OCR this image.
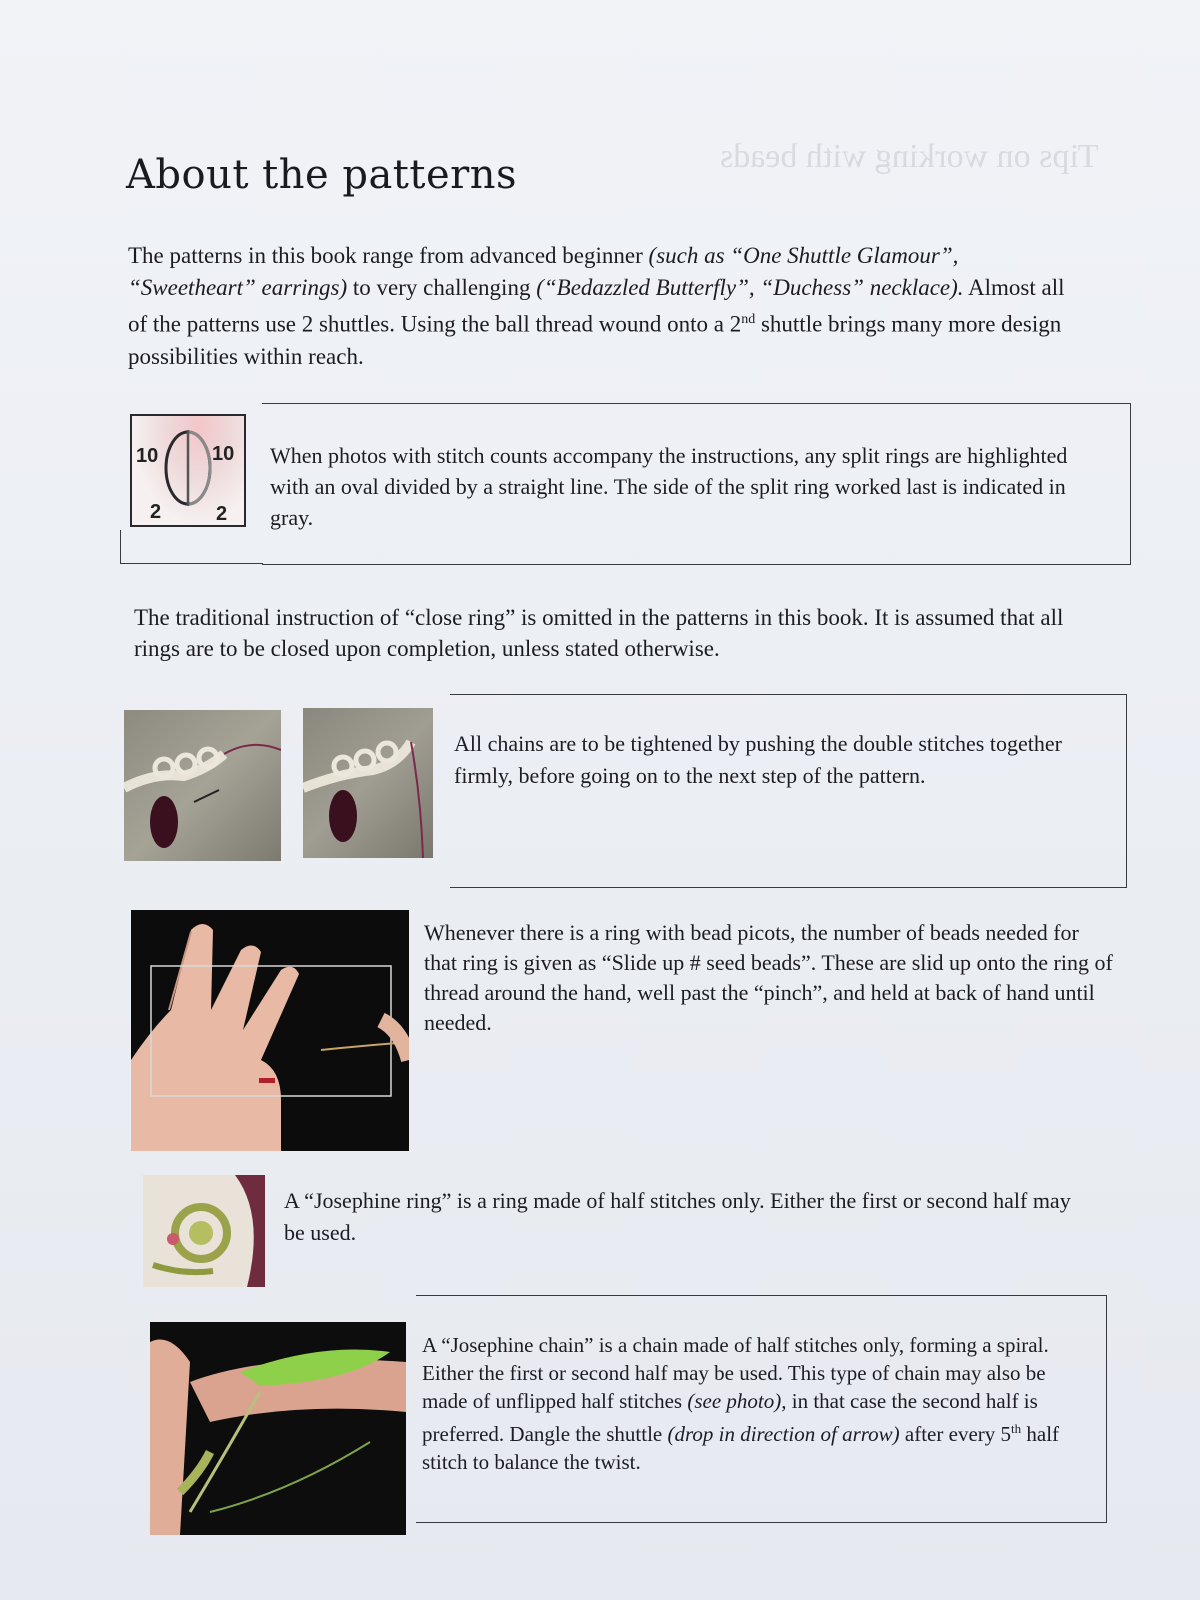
Tips on working with beads
About the patterns
The patterns in this book range from advanced beginner (such as “One Shuttle Glamour”, “Sweetheart” earrings) to very challenging (“Bedazzled Butterfly”, “Duchess” necklace). Almost all of the patterns use 2 shuttles. Using the ball thread wound onto a 2nd shuttle brings many more design possibilities within reach.
10	10
2	2
When photos with stitch counts accompany the instructions, any split rings are highlighted with an oval divided by a straight line. The side of the split ring worked last is indicated in gray.
The traditional instruction of “close ring” is omitted in the patterns in this book. It is assumed that all rings are to be closed upon completion, unless stated otherwise.
All chains are to be tightened by pushing the double stitches together firmly, before going on to the next step of the pattern.
Whenever there is a ring with bead picots, the number of beads needed for that ring is given as “Slide up # seed beads”. These are slid up onto the ring of thread around the hand, well past the “pinch”, and held at back of hand until needed.
A “Josephine ring” is a ring made of half stitches only. Either the first or second half may be used.
A “Josephine chain” is a chain made of half stitches only, forming a spiral. Either the first or second half may be used. This type of chain may also be made of unflipped half stitches (see photo), in that case the second half is preferred. Dangle the shuttle (drop in direction of arrow) after every 5th half stitch to balance the twist.
